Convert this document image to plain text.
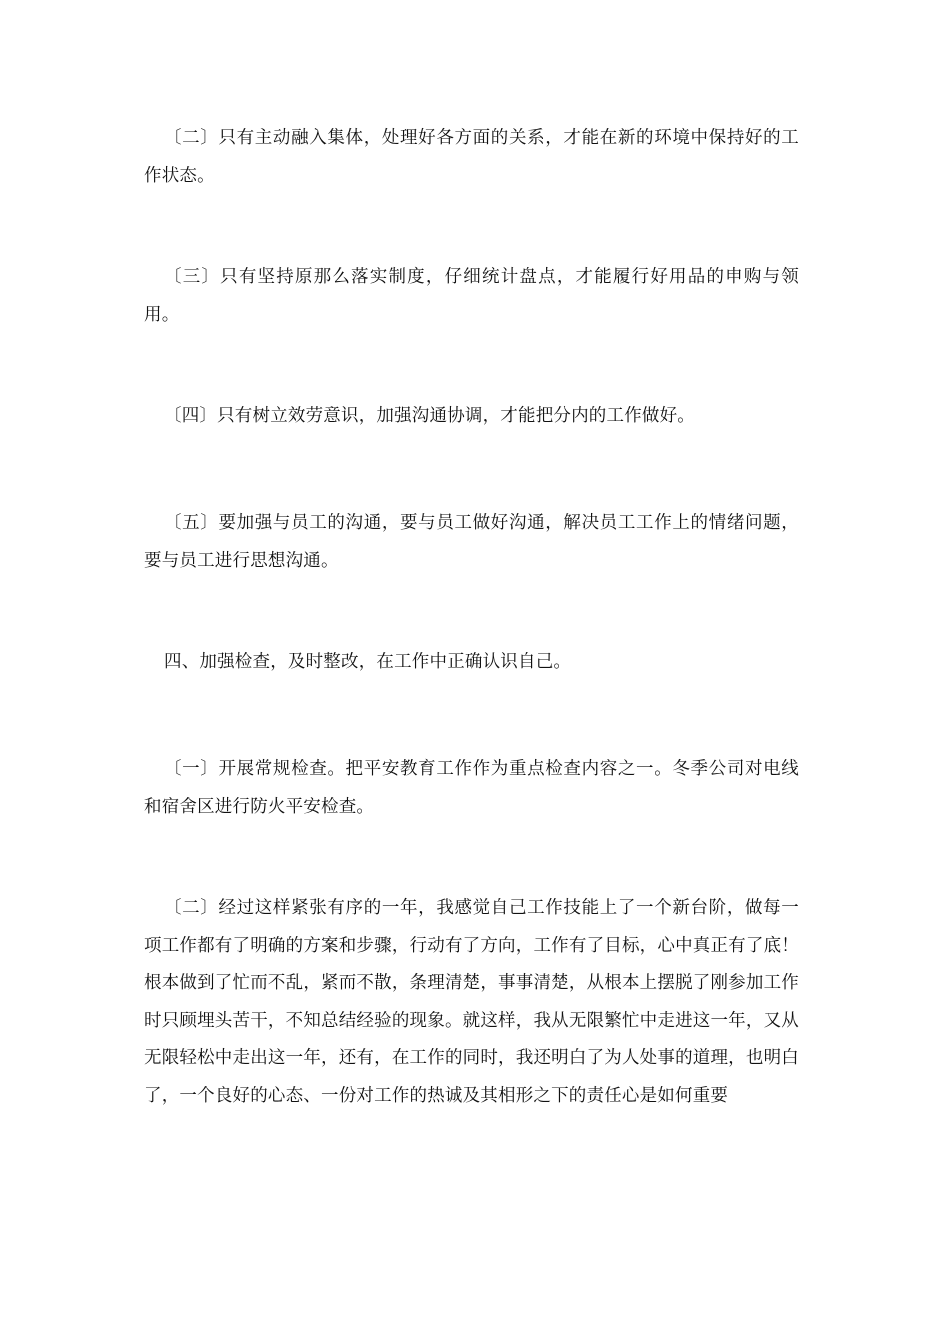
〔二〕只有主动融入集体，处理好各方面的关系，才能在新的环境中保持好的工作状态。

〔三〕只有坚持原那么落实制度，仔细统计盘点，才能履行好用品的申购与领用。

〔四〕只有树立效劳意识，加强沟通协调，才能把分内的工作做好。

〔五〕要加强与员工的沟通，要与员工做好沟通，解决员工工作上的情绪问题，要与员工进行思想沟通。

四、加强检查，及时整改，在工作中正确认识自己。

〔一〕开展常规检查。把平安教育工作作为重点检查内容之一。冬季公司对电线和宿舍区进行防火平安检查。

〔二〕经过这样紧张有序的一年，我感觉自己工作技能上了一个新台阶，做每一项工作都有了明确的方案和步骤，行动有了方向，工作有了目标，心中真正有了底！根本做到了忙而不乱，紧而不散，条理清楚，事事清楚，从根本上摆脱了刚参加工作时只顾埋头苦干，不知总结经验的现象。就这样，我从无限繁忙中走进这一年，又从无限轻松中走出这一年，还有，在工作的同时，我还明白了为人处事的道理，也明白了，一个良好的心态、一份对工作的热诚及其相形之下的责任心是如何重要
